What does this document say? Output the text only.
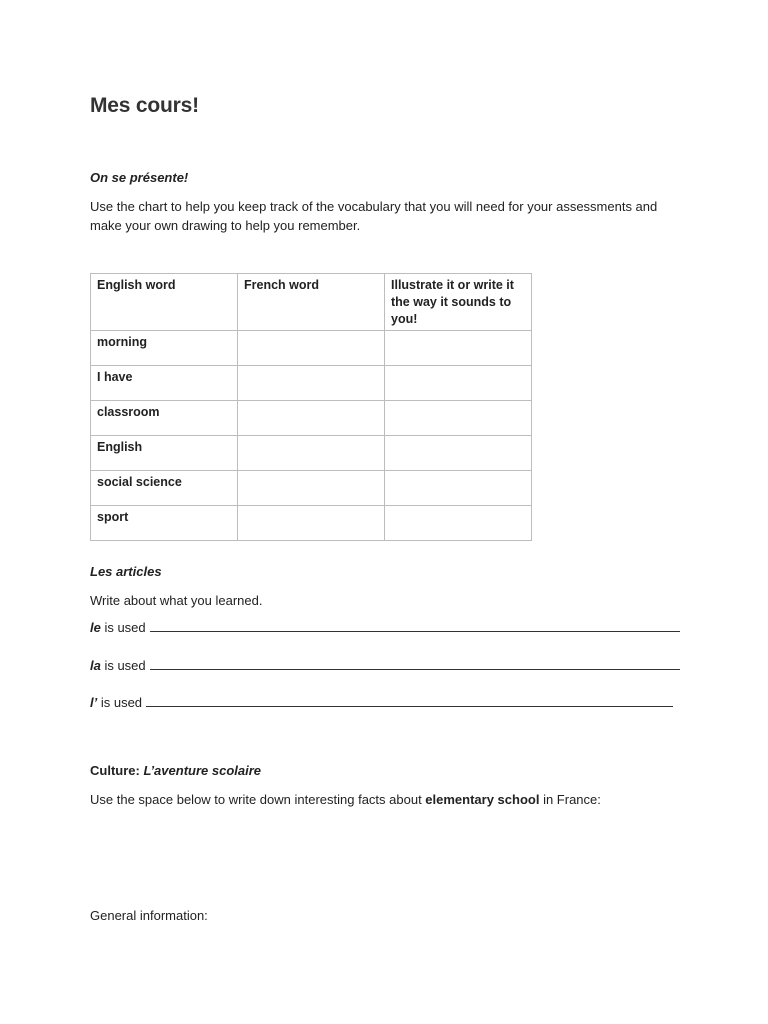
Mes cours!
On se présente!
Use the chart to help you keep track of the vocabulary that you will need for your assessments and make your own drawing to help you remember.
English word	French word	Illustrate it or write it the way it sounds to you!
morning		
I have		
classroom		
English		
social science		
sport		
Les articles
Write about what you learned.
le is used
la is used
l’ is used
Culture: L’aventure scolaire
Use the space below to write down interesting facts about elementary school in France:
General information:
